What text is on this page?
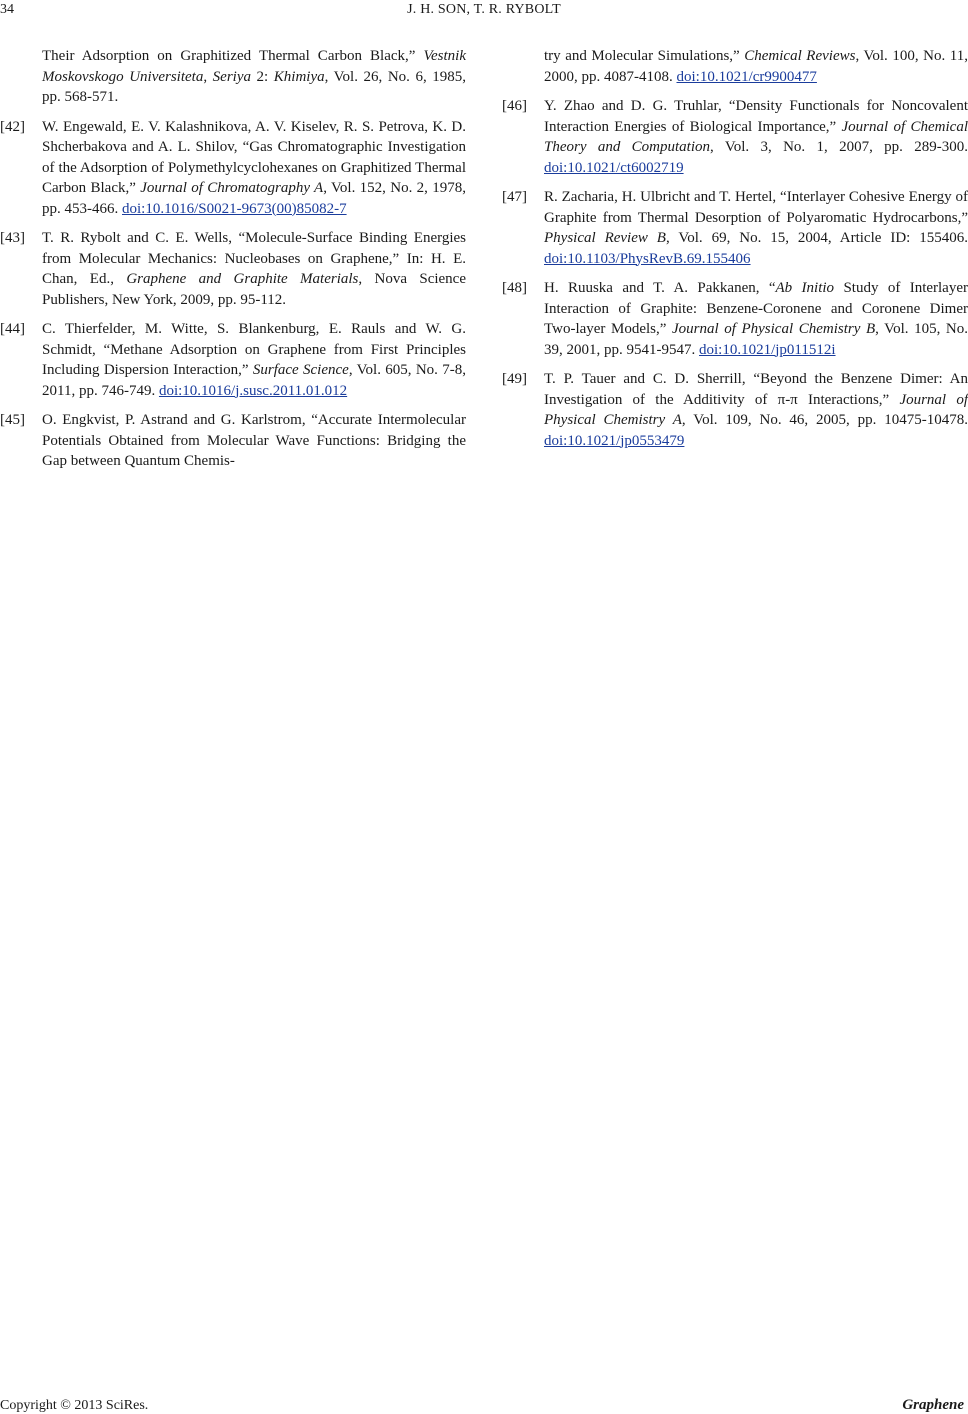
34	J. H. SON, T. R. RYBOLT

Their Adsorption on Graphitized Thermal Carbon Black,” Vestnik Moskovskogo Universiteta, Seriya 2: Khimiya, Vol. 26, No. 6, 1985, pp. 568-571.

[42] W. Engewald, E. V. Kalashnikova, A. V. Kiselev, R. S. Petrova, K. D. Shcherbakova and A. L. Shilov, “Gas Chromatographic Investigation of the Adsorption of Polymethylcyclohexanes on Graphitized Thermal Carbon Black,” Journal of Chromatography A, Vol. 152, No. 2, 1978, pp. 453-466. doi:10.1016/S0021-9673(00)85082-7

[43] T. R. Rybolt and C. E. Wells, “Molecule-Surface Binding Energies from Molecular Mechanics: Nucleobases on Graphene,” In: H. E. Chan, Ed., Graphene and Graphite Materials, Nova Science Publishers, New York, 2009, pp. 95-112.

[44] C. Thierfelder, M. Witte, S. Blankenburg, E. Rauls and W. G. Schmidt, “Methane Adsorption on Graphene from First Principles Including Dispersion Interaction,” Surface Science, Vol. 605, No. 7-8, 2011, pp. 746-749. doi:10.1016/j.susc.2011.01.012

[45] O. Engkvist, P. Astrand and G. Karlstrom, “Accurate Intermolecular Potentials Obtained from Molecular Wave Functions: Bridging the Gap between Quantum Chemis-

try and Molecular Simulations,” Chemical Reviews, Vol. 100, No. 11, 2000, pp. 4087-4108. doi:10.1021/cr9900477

[46] Y. Zhao and D. G. Truhlar, “Density Functionals for Noncovalent Interaction Energies of Biological Importance,” Journal of Chemical Theory and Computation, Vol. 3, No. 1, 2007, pp. 289-300. doi:10.1021/ct6002719

[47] R. Zacharia, H. Ulbricht and T. Hertel, “Interlayer Cohesive Energy of Graphite from Thermal Desorption of Polyaromatic Hydrocarbons,” Physical Review B, Vol. 69, No. 15, 2004, Article ID: 155406. doi:10.1103/PhysRevB.69.155406

[48] H. Ruuska and T. A. Pakkanen, “Ab Initio Study of Interlayer Interaction of Graphite: Benzene-Coronene and Coronene Dimer Two-layer Models,” Journal of Physical Chemistry B, Vol. 105, No. 39, 2001, pp. 9541-9547. doi:10.1021/jp011512i

[49] T. P. Tauer and C. D. Sherrill, “Beyond the Benzene Dimer: An Investigation of the Additivity of π-π Interactions,” Journal of Physical Chemistry A, Vol. 109, No. 46, 2005, pp. 10475-10478. doi:10.1021/jp0553479

Copyright © 2013 SciRes.	Graphene
